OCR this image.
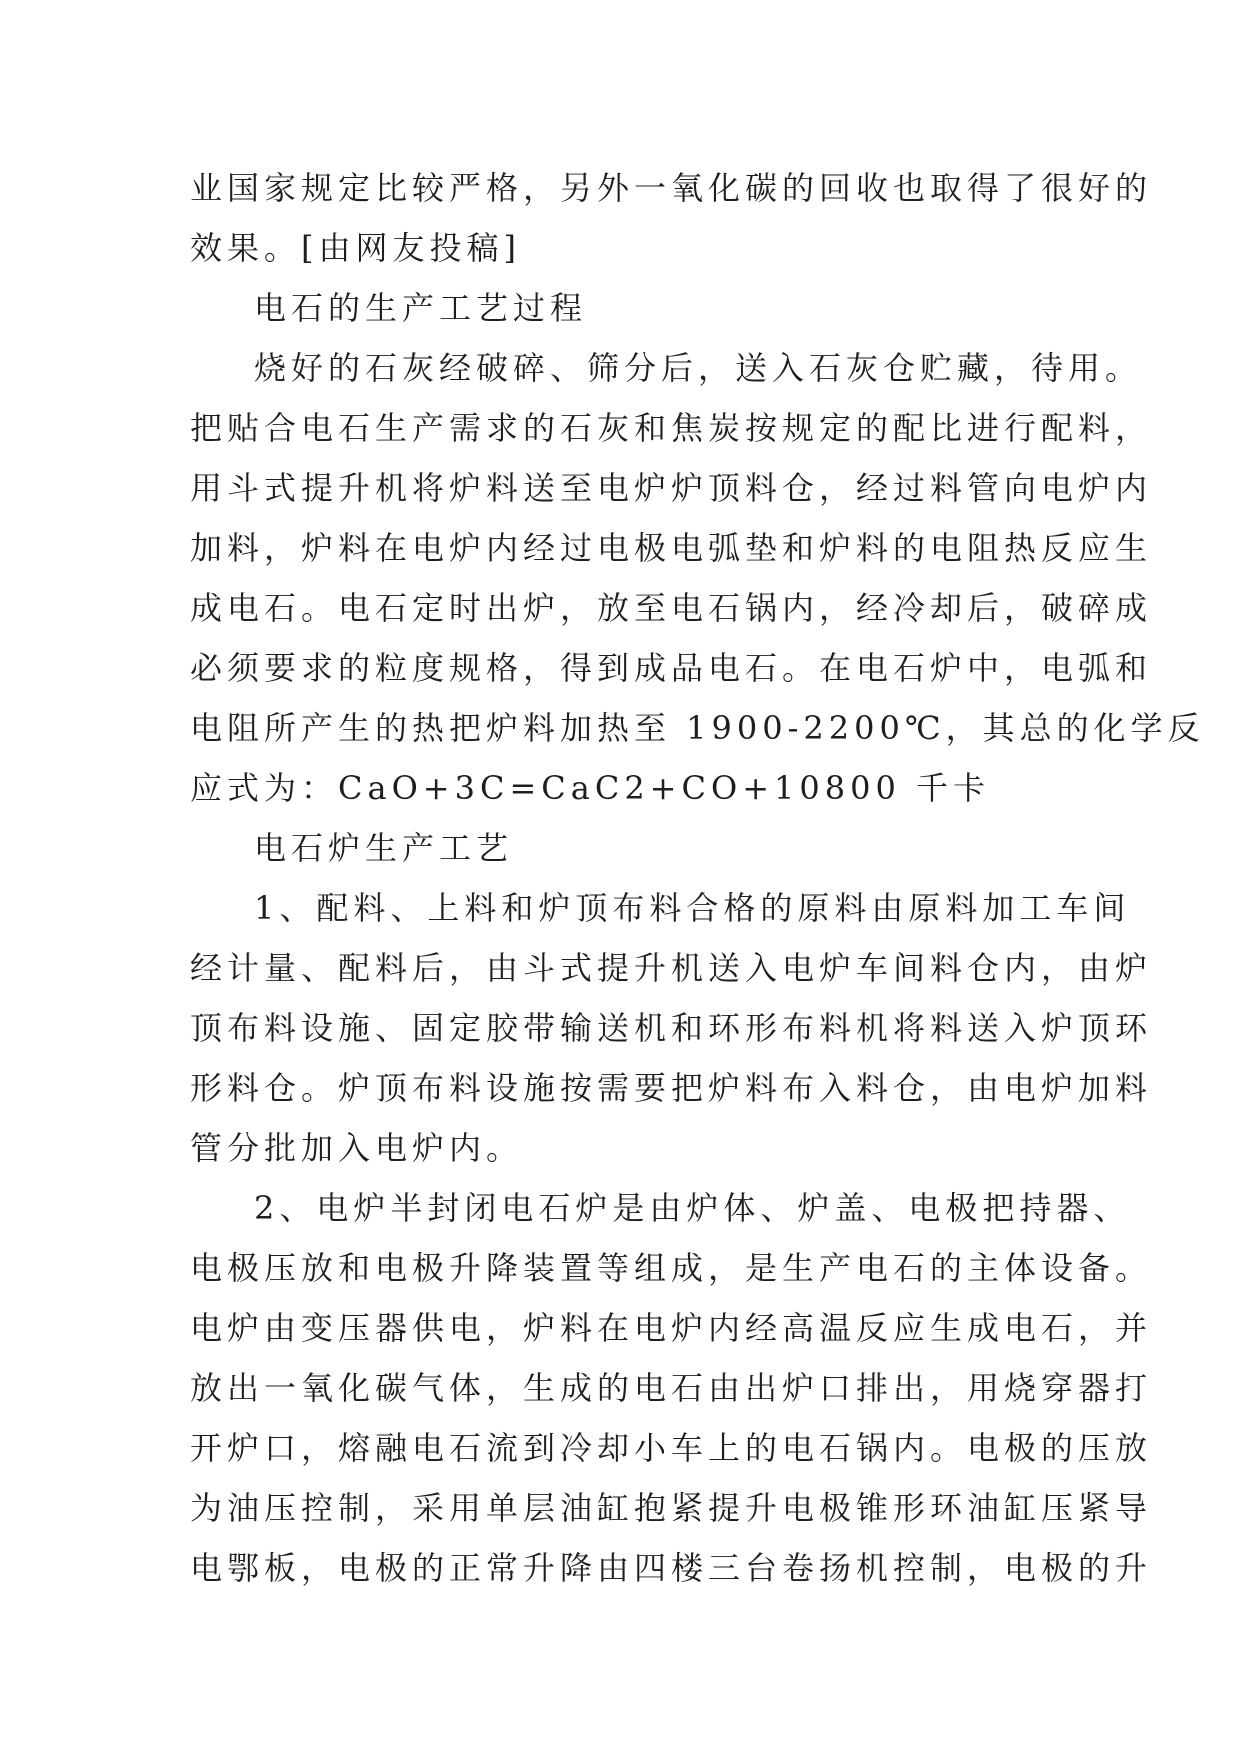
业国家规定比较严格，另外一氧化碳的回收也取得了很好的
效果。[由网友投稿]
电石的生产工艺过程
烧好的石灰经破碎、筛分后，送入石灰仓贮藏，待用。
把贴合电石生产需求的石灰和焦炭按规定的配比进行配料，
用斗式提升机将炉料送至电炉炉顶料仓，经过料管向电炉内
加料，炉料在电炉内经过电极电弧垫和炉料的电阻热反应生
成电石。电石定时出炉，放至电石锅内，经冷却后，破碎成
必须要求的粒度规格，得到成品电石。在电石炉中，电弧和
电阻所产生的热把炉料加热至 1900-2200℃，其总的化学反
应式为：CaO+3C=CaC2+CO+10800 千卡
电石炉生产工艺
1、配料、上料和炉顶布料合格的原料由原料加工车间
经计量、配料后，由斗式提升机送入电炉车间料仓内，由炉
顶布料设施、固定胶带输送机和环形布料机将料送入炉顶环
形料仓。炉顶布料设施按需要把炉料布入料仓，由电炉加料
管分批加入电炉内。
2、电炉半封闭电石炉是由炉体、炉盖、电极把持器、
电极压放和电极升降装置等组成，是生产电石的主体设备。
电炉由变压器供电，炉料在电炉内经高温反应生成电石，并
放出一氧化碳气体，生成的电石由出炉口排出，用烧穿器打
开炉口，熔融电石流到冷却小车上的电石锅内。电极的压放
为油压控制，采用单层油缸抱紧提升电极锥形环油缸压紧导
电鄂板，电极的正常升降由四楼三台卷扬机控制，电极的升
